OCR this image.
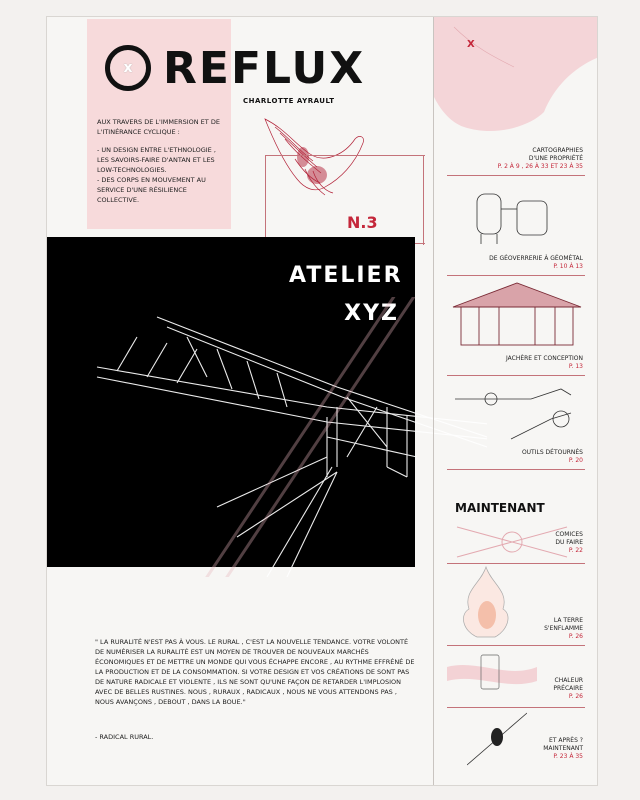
x REFLUX
CHARLOTTE AYRAULT

AUX TRAVERS DE L'IMMERSION ET DE L'ITINÉRANCE CYCLIQUE :

- UN DESIGN ENTRE L'ETHNOLOGIE , LES SAVOIRS-FAIRE D'ANTAN ET LES LOW-TECHNOLOGIES.

- DES CORPS EN MOUVEMENT AU SERVICE D'UNE RÉSILIENCE COLLECTIVE.

N.3
ATELIER
XYZ
" LA RURALITÉ N'EST PAS À VOUS. LE RURAL , C'EST LA NOUVELLE TENDANCE. VOTRE VOLONTÉ DE NUMÉRISER LA RURALITÉ EST UN MOYEN DE TROUVER DE NOUVEAUX MARCHÉS ÉCONOMIQUES ET DE METTRE UN MONDE QUI VOUS ÉCHAPPE ENCORE , AU RYTHME EFFRÉNÉ DE LA PRODUCTION ET DE LA CONSOMMATION. SI VOTRE DESIGN ET VOS CRÉATIONS DE SONT PAS DE NATURE RADICALE ET VIOLENTE , ILS NE SONT QU'UNE FAÇON DE RETARDER L'IMPLOSION AVEC DE BELLES RUSTINES. NOUS , RURAUX , RADICAUX , NOUS NE VOUS ATTENDONS PAS , NOUS AVANÇONS , DEBOUT , DANS LA BOUE."
- RADICAL RURAL.
X
CARTOGRAPHIES D'UNE PROPRIÉTÉ
P. 2 À 9 , 26 À 33 ET 23 À 35
DE GÉOVERRERIE À GÉOMÉTAL
P. 10 À 13
JACHÈRE ET CONCEPTION
P. 13
OUTILS DÉTOURNÉS
P. 20
MAINTENANT
COMICES DU FAIRE
P. 22
LA TERRE S'ENFLAMME
P. 26
CHALEUR PRÉCAIRE
P. 26
ET APRÈS ? MAINTENANT
P. 23 À 35
